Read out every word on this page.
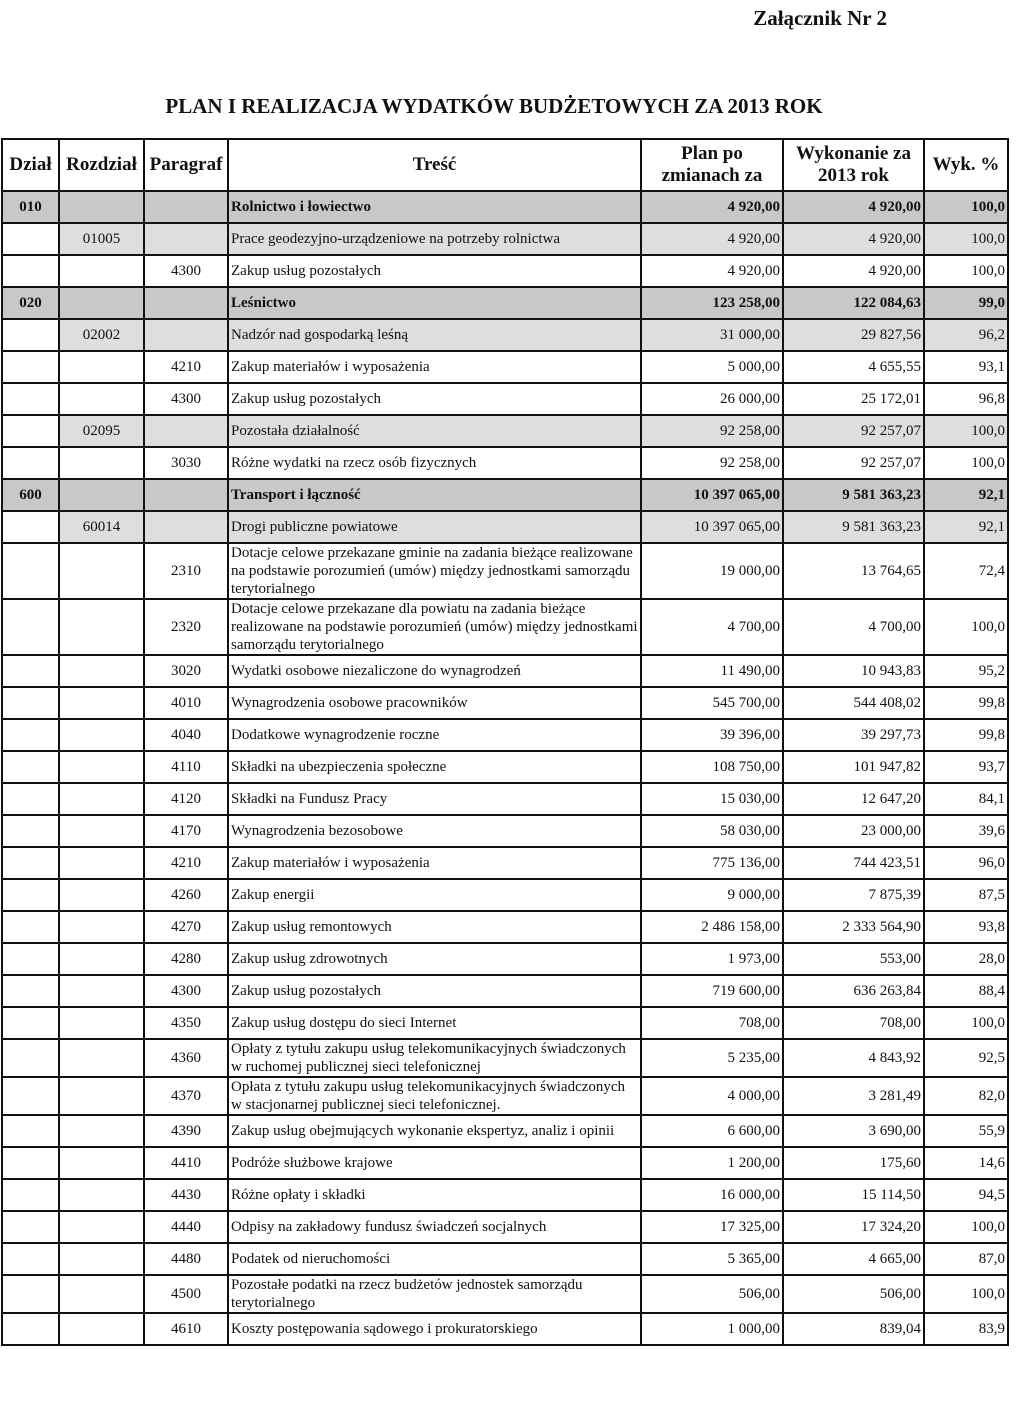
Załącznik Nr 2
PLAN I REALIZACJA WYDATKÓW BUDŻETOWYCH ZA 2013 ROK
Dział	Rozdział	Paragraf	Treść	Plan po zmianach za	Wykonanie za 2013 rok	Wyk. %
010			Rolnictwo i łowiectwo	4 920,00	4 920,00	100,0
	01005		Prace geodezyjno-urządzeniowe na potrzeby rolnictwa	4 920,00	4 920,00	100,0
		4300	Zakup usług pozostałych	4 920,00	4 920,00	100,0
020			Leśnictwo	123 258,00	122 084,63	99,0
	02002		Nadzór nad gospodarką leśną	31 000,00	29 827,56	96,2
		4210	Zakup materiałów i wyposażenia	5 000,00	4 655,55	93,1
		4300	Zakup usług pozostałych	26 000,00	25 172,01	96,8
	02095		Pozostała działalność	92 258,00	92 257,07	100,0
		3030	Różne wydatki na rzecz osób fizycznych	92 258,00	92 257,07	100,0
600			Transport i łączność	10 397 065,00	9 581 363,23	92,1
	60014		Drogi publiczne powiatowe	10 397 065,00	9 581 363,23	92,1
		2310	Dotacje celowe przekazane gminie na zadania bieżące realizowane na podstawie porozumień (umów) między jednostkami samorządu terytorialnego	19 000,00	13 764,65	72,4
		2320	Dotacje celowe przekazane dla powiatu na zadania bieżące realizowane na podstawie porozumień (umów) między jednostkami samorządu terytorialnego	4 700,00	4 700,00	100,0
		3020	Wydatki osobowe niezaliczone do wynagrodzeń	11 490,00	10 943,83	95,2
		4010	Wynagrodzenia osobowe pracowników	545 700,00	544 408,02	99,8
		4040	Dodatkowe wynagrodzenie roczne	39 396,00	39 297,73	99,8
		4110	Składki na ubezpieczenia społeczne	108 750,00	101 947,82	93,7
		4120	Składki na Fundusz Pracy	15 030,00	12 647,20	84,1
		4170	Wynagrodzenia bezosobowe	58 030,00	23 000,00	39,6
		4210	Zakup materiałów i wyposażenia	775 136,00	744 423,51	96,0
		4260	Zakup energii	9 000,00	7 875,39	87,5
		4270	Zakup usług remontowych	2 486 158,00	2 333 564,90	93,8
		4280	Zakup usług zdrowotnych	1 973,00	553,00	28,0
		4300	Zakup usług pozostałych	719 600,00	636 263,84	88,4
		4350	Zakup usług dostępu do sieci Internet	708,00	708,00	100,0
		4360	Opłaty z tytułu zakupu usług telekomunikacyjnych świadczonych w ruchomej publicznej sieci telefonicznej	5 235,00	4 843,92	92,5
		4370	Opłata z tytułu zakupu usług telekomunikacyjnych świadczonych w stacjonarnej publicznej sieci telefonicznej.	4 000,00	3 281,49	82,0
		4390	Zakup usług obejmujących wykonanie ekspertyz, analiz i opinii	6 600,00	3 690,00	55,9
		4410	Podróże służbowe krajowe	1 200,00	175,60	14,6
		4430	Różne opłaty i składki	16 000,00	15 114,50	94,5
		4440	Odpisy na zakładowy fundusz świadczeń socjalnych	17 325,00	17 324,20	100,0
		4480	Podatek od nieruchomości	5 365,00	4 665,00	87,0
		4500	Pozostałe podatki na rzecz budżetów jednostek samorządu terytorialnego	506,00	506,00	100,0
		4610	Koszty postępowania sądowego i prokuratorskiego	1 000,00	839,04	83,9
